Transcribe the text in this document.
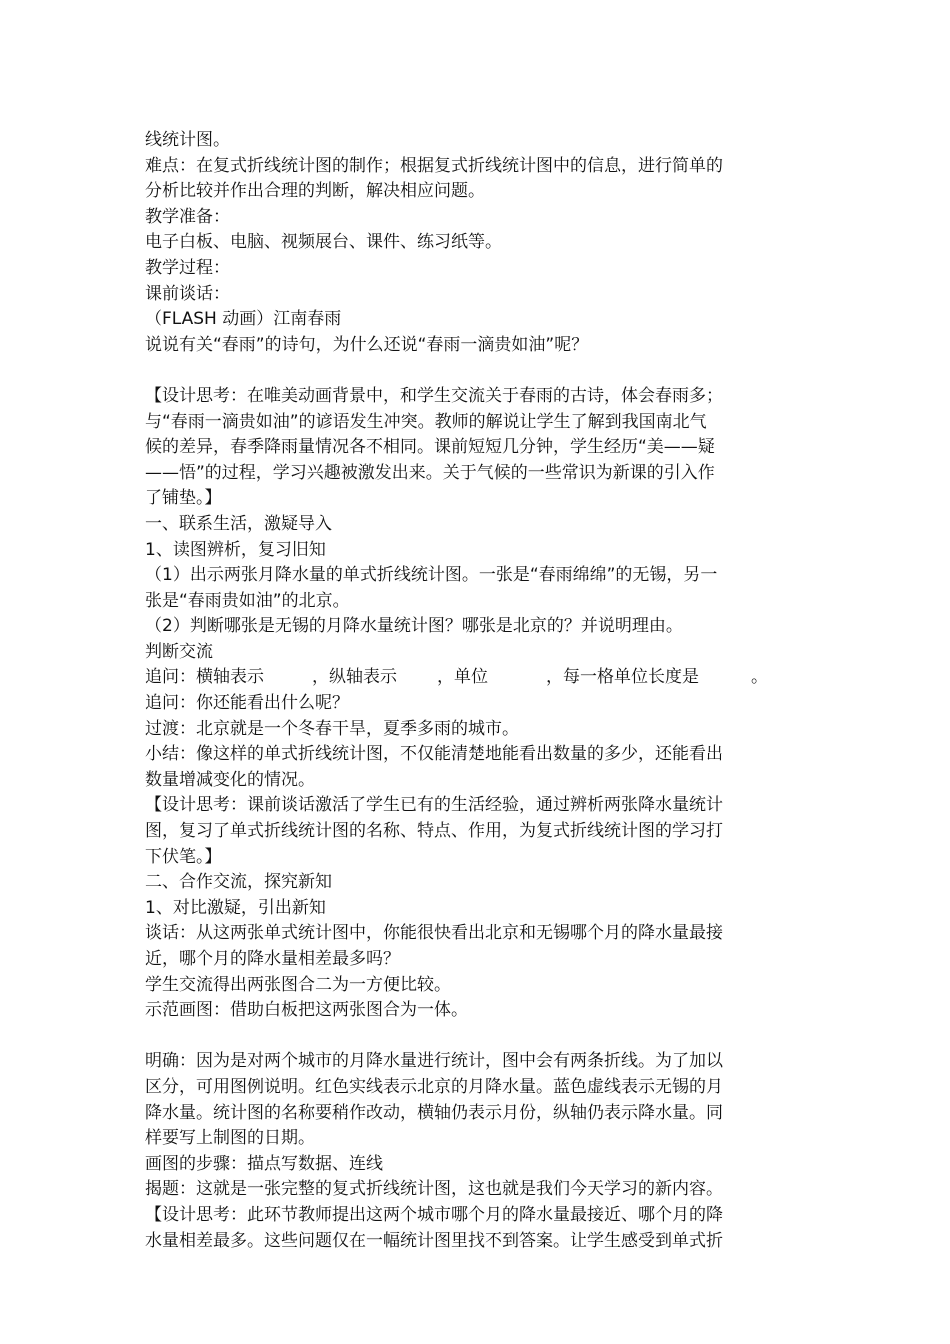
线统计图。
难点：在复式折线统计图的制作；根据复式折线统计图中的信息，进行简单的
分析比较并作出合理的判断，解决相应问题。
教学准备：
电子白板、电脑、视频展台、课件、练习纸等。
教学过程：
课前谈话：
（FLASH 动画）江南春雨
说说有关“春雨”的诗句，为什么还说“春雨一滴贵如油”呢？
【设计思考：在唯美动画背景中，和学生交流关于春雨的古诗，体会春雨多；
与“春雨一滴贵如油”的谚语发生冲突。教师的解说让学生了解到我国南北气
候的差异，春季降雨量情况各不相同。课前短短几分钟，学生经历“美——疑
——悟”的过程，学习兴趣被激发出来。关于气候的一些常识为新课的引入作
了铺垫。】
一、联系生活，激疑导入
1、读图辨析，复习旧知
（1）出示两张月降水量的单式折线统计图。一张是“春雨绵绵”的无锡，另一
张是“春雨贵如油”的北京。
（2）判断哪张是无锡的月降水量统计图？哪张是北京的？并说明理由。
判断交流
追问：横轴表示	，纵轴表示 ，单位	，每一格单位长度是	。
追问：你还能看出什么呢？
过渡：北京就是一个冬春干旱，夏季多雨的城市。
小结：像这样的单式折线统计图，不仅能清楚地能看出数量的多少，还能看出
数量增减变化的情况。
【设计思考：课前谈话激活了学生已有的生活经验，通过辨析两张降水量统计
图，复习了单式折线统计图的名称、特点、作用，为复式折线统计图的学习打
下伏笔。】
二、合作交流，探究新知
1、对比激疑，引出新知
谈话：从这两张单式统计图中，你能很快看出北京和无锡哪个月的降水量最接
近，哪个月的降水量相差最多吗？
学生交流得出两张图合二为一方便比较。
示范画图：借助白板把这两张图合为一体。
明确：因为是对两个城市的月降水量进行统计，图中会有两条折线。为了加以
区分，可用图例说明。红色实线表示北京的月降水量。蓝色虚线表示无锡的月
降水量。统计图的名称要稍作改动，横轴仍表示月份，纵轴仍表示降水量。同
样要写上制图的日期。
画图的步骤：描点写数据、连线
揭题：这就是一张完整的复式折线统计图，这也就是我们今天学习的新内容。
【设计思考：此环节教师提出这两个城市哪个月的降水量最接近、哪个月的降
水量相差最多。这些问题仅在一幅统计图里找不到答案。让学生感受到单式折
